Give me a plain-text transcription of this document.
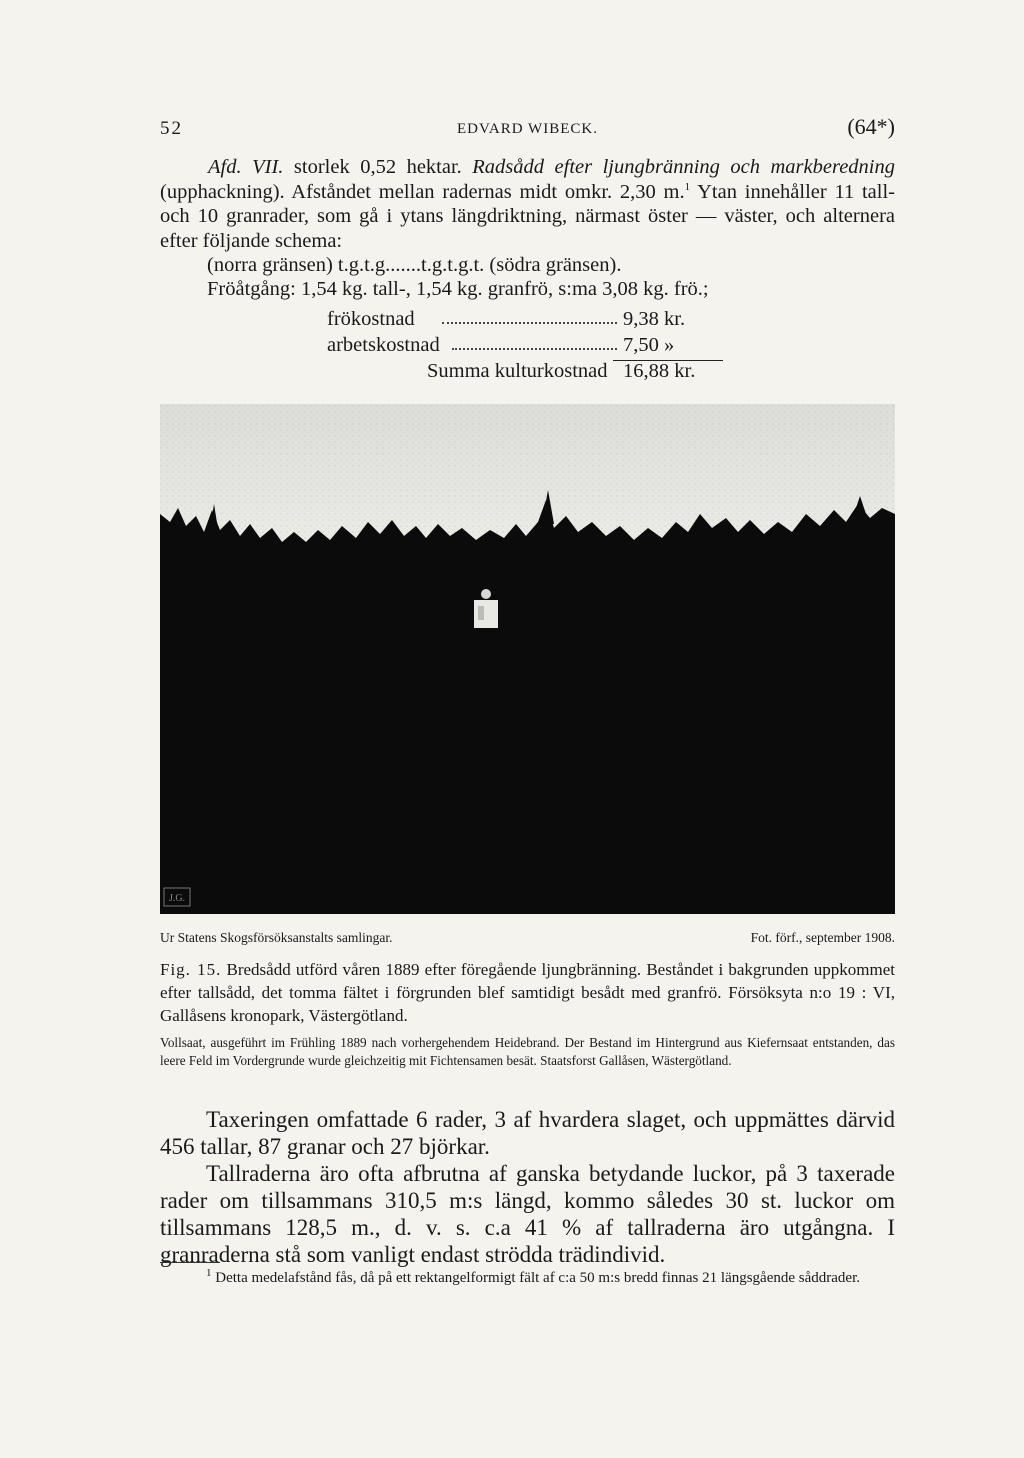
52	EDVARD WIBECK.	(64*)
Afd. VII. storlek 0,52 hektar. Radsådd efter ljungbränning och markberedning (upphackning). Afståndet mellan radernas midt omkr. 2,30 m.$^1$ Ytan innehåller 11 tall- och 10 granrader, som gå i ytans längdriktning, närmast öster — väster, och alternera efter följande schema:
(norra gränsen) t.g.t.g.......t.g.t.g.t. (södra gränsen).
Fröåtgång: 1,54 kg. tall-, 1,54 kg. granfrö, s:ma 3,08 kg. frö.;
frökostnad	9,38 kr.
arbetskostnad	7,50 »
Summa kulturkostnad 16,88 kr.
J.G.
Ur Statens Skogsförsöksanstalts samlingar.	Fot. förf., september 1908.
Fig. 15. Bredsådd utförd våren 1889 efter föregående ljungbränning. Beståndet i bakgrunden uppkommet efter tallsådd, det tomma fältet i förgrunden blef samtidigt besådt med granfrö. Försöksyta n:o 19 : VI, Gallåsens kronopark, Västergötland.
Vollsaat, ausgeführt im Frühling 1889 nach vorhergehendem Heidebrand. Der Bestand im Hintergrund aus Kiefernsaat entstanden, das leere Feld im Vordergrunde wurde gleichzeitig mit Fichtensamen besät. Staatsforst Gallåsen, Wästergötland.
Taxeringen omfattade 6 rader, 3 af hvardera slaget, och uppmättes därvid 456 tallar, 87 granar och 27 björkar.
Tallraderna äro ofta afbrutna af ganska betydande luckor, på 3 taxerade rader om tillsammans 310,5 m:s längd, kommo således 30 st. luckor om tillsammans 128,5 m., d. v. s. c.a 41 % af tallraderna äro utgångna. I granraderna stå som vanligt endast strödda trädindivid.
$^1$ Detta medelafstånd fås, då på ett rektangelformigt fält af c:a 50 m:s bredd finnas 21 längsgående såddrader.
